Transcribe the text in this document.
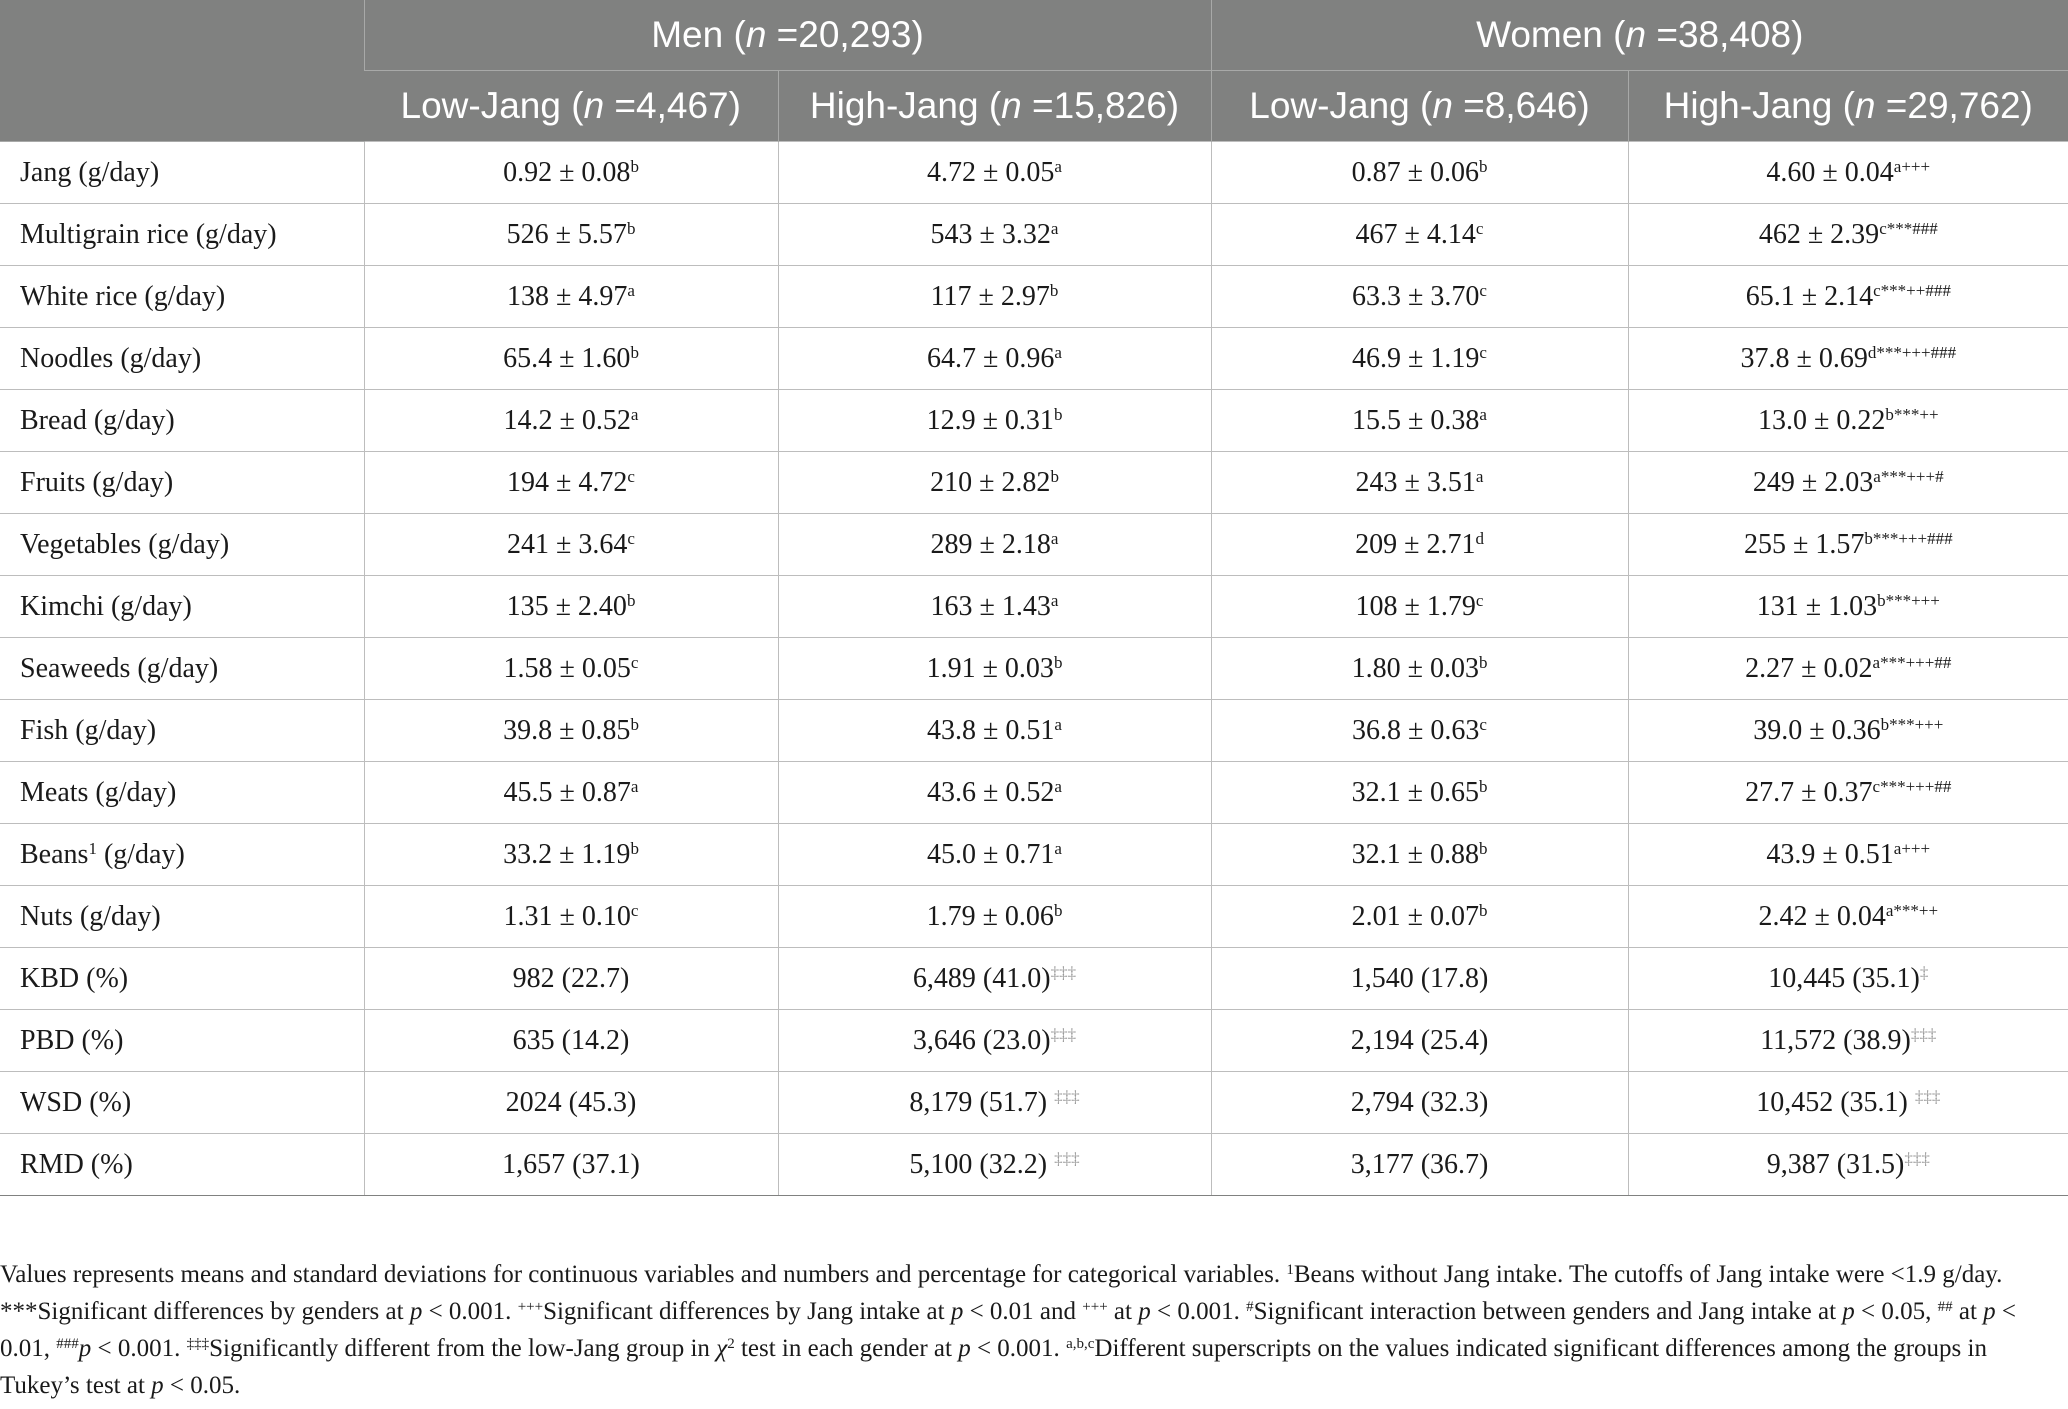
	Men (n =20,293)		Women (n =38,408)	
	Low-Jang (n =4,467)	High-Jang (n =15,826)	Low-Jang (n =8,646)	High-Jang (n =29,762)
Jang (g/day)	0.92 ± 0.08$^b$	4.72 ± 0.05$^a$	0.87 ± 0.06$^b$	$4.60 \pm 0.04^{a+++}$
Multigrain rice (g/day)	526 ± 5.57$^b$	543 ± 3.32$^a$	467 ± 4.14$^c$	$462 \pm 2.39^{c***\#\#\#}$
White rice (g/day)	138 ± 4.97$^a$	117 ± 2.97$^b$	63.3 ± 3.70$^c$	$65.1 \pm 2.14^{c***++\#\#\#}$
Noodles (g/day)	65.4 ± 1.60$^b$	64.7 ± 0.96$^a$	46.9 ± 1.19$^c$	$37.8 \pm 0.69^{d***+++\#\#\#}$
Bread (g/day)	14.2 ± 0.52$^a$	12.9 ± 0.31$^b$	15.5 ± 0.38$^a$	$13.0 \pm 0.22^{b***++}$
Fruits (g/day)	194 ± 4.72$^c$	210 ± 2.82$^b$	243 ± 3.51$^a$	$249 \pm 2.03^{a***+++\#}$
Vegetables (g/day)	241 ± 3.64$^c$	289 ± 2.18$^a$	209 ± 2.71$^d$	$255 \pm 1.57^{b***+++\#\#\#}$
Kimchi (g/day)	135 ± 2.40$^b$	163 ± 1.43$^a$	108 ± 1.79$^c$	$131 \pm 1.03^{b***+++}$
Seaweeds (g/day)	1.58 ± 0.05$^c$	1.91 ± 0.03$^b$	1.80 ± 0.03$^b$	$2.27 \pm 0.02^{a***+++\#\#}$
Fish (g/day)	39.8 ± 0.85$^b$	43.8 ± 0.51$^a$	36.8 ± 0.63$^c$	$39.0 \pm 0.36^{b***+++}$
Meats (g/day)	45.5 ± 0.87$^a$	43.6 ± 0.52$^a$	32.1 ± 0.65$^b$	$27.7 \pm 0.37^{c***+++\#\#}$
Beans$^1$ (g/day)	33.2 ± 1.19$^b$	45.0 ± 0.71$^a$	32.1 ± 0.88$^b$	$43.9 \pm 0.51^{a+++}$
Nuts (g/day)	1.31 ± 0.10$^c$	1.79 ± 0.06$^b$	2.01 ± 0.07$^b$	$2.42 \pm 0.04^{a***++}$
KBD (%)	982 (22.7)	6,489 (41.0)‡‡‡	1,540 (17.8)	10,445 (35.1)‡
PBD (%)	635 (14.2)	3,646 (23.0)‡‡‡	2,194 (25.4)	11,572 (38.9)‡‡‡
WSD (%)	2024 (45.3)	8,179 (51.7) ‡‡‡	2,794 (32.3)	10,452 (35.1) ‡‡‡
RMD (%)	1,657 (37.1)	5,100 (32.2) ‡‡‡	3,177 (36.7)	9,387 (31.5)‡‡‡
Values represents means and standard deviations for continuous variables and numbers and percentage for categorical variables. $^1$Beans without Jang intake. The cutoffs of Jang intake were <1.9 g/day. ***Significant differences by genders at p < 0.001. +++Significant differences by Jang intake at p < 0.01 and +++ at p < 0.001. #Significant interaction between genders and Jang intake at p < 0.05, ## at p < 0.01, ###p < 0.001. ‡‡‡Significantly different from the low-Jang group in $\chi^2$ test in each gender at p < 0.001. $^{a,b,c}$Different superscripts on the values indicated significant differences among the groups in Tukey’s test at p < 0.05.
